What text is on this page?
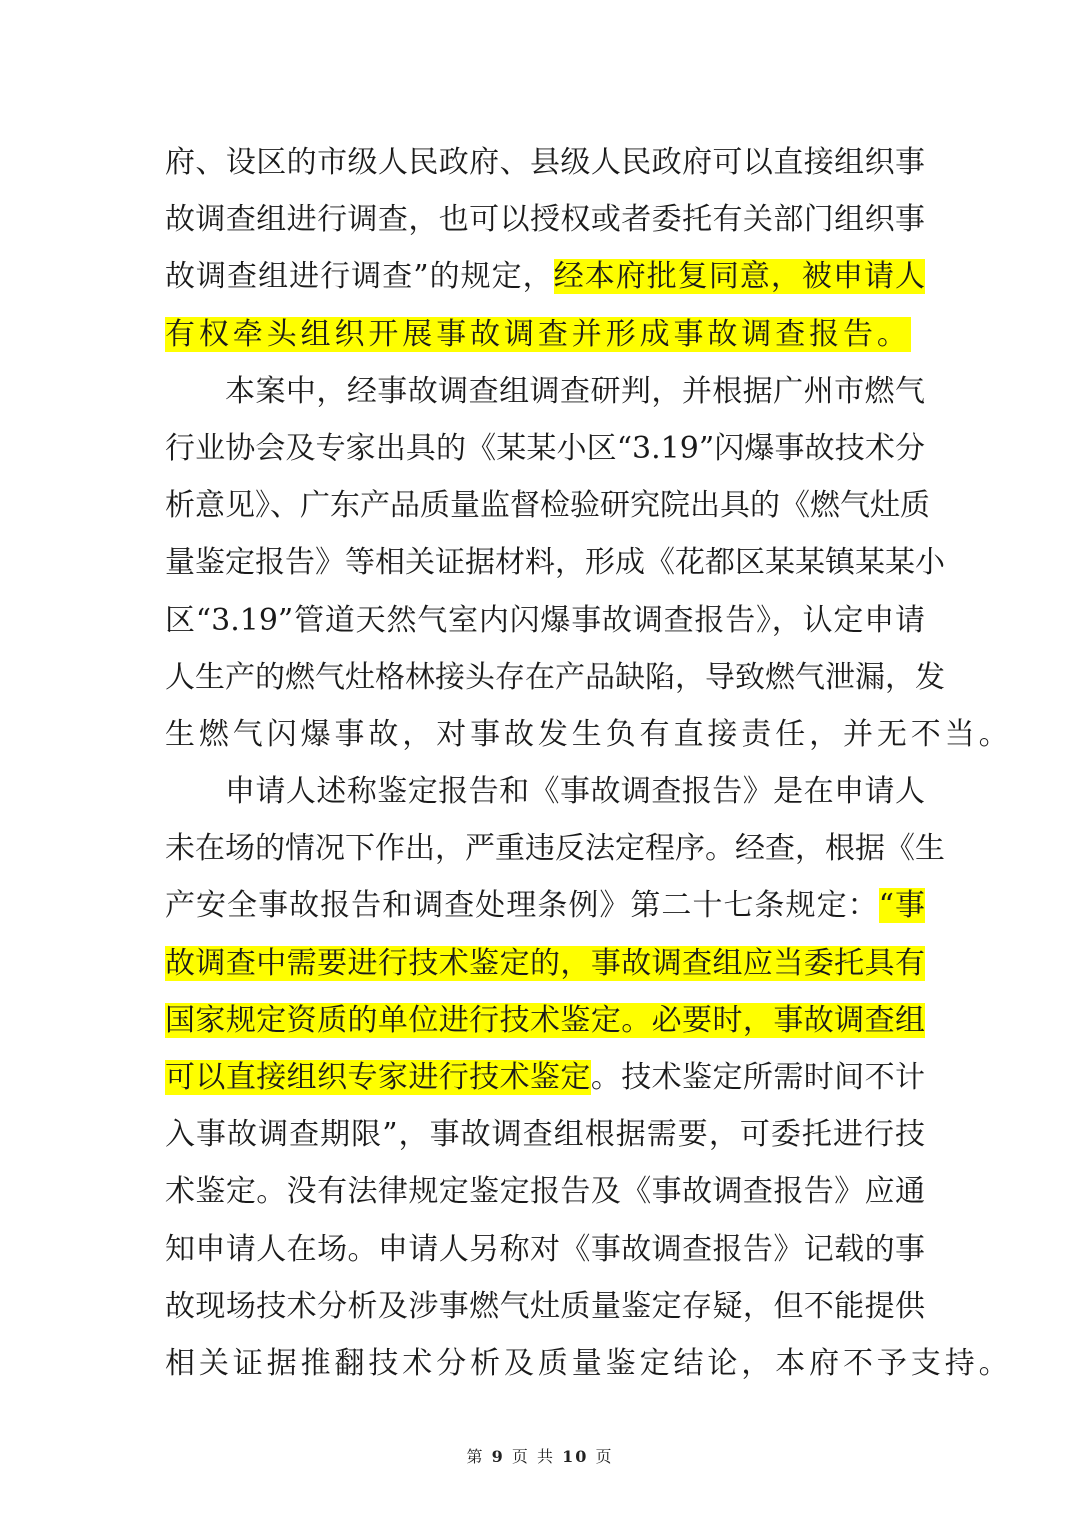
府、设区的市级人民政府、县级人民政府可以直接组织事
故调查组进行调查，也可以授权或者委托有关部门组织事
故调查组进行调查”的规定，经本府批复同意，被申请人
有权牵头组织开展事故调查并形成事故调查报告。
本案中，经事故调查组调查研判，并根据广州市燃气
行业协会及专家出具的《某某小区“3.19”闪爆事故技术分
析意见》、广东产品质量监督检验研究院出具的《燃气灶质
量鉴定报告》等相关证据材料，形成《花都区某某镇某某小
区“3.19”管道天然气室内闪爆事故调查报告》，认定申请
人生产的燃气灶格林接头存在产品缺陷，导致燃气泄漏，发
生燃气闪爆事故，对事故发生负有直接责任，并无不当。
申请人述称鉴定报告和《事故调查报告》是在申请人
未在场的情况下作出，严重违反法定程序。经查，根据《生
产安全事故报告和调查处理条例》第二十七条规定：“事
故调查中需要进行技术鉴定的，事故调查组应当委托具有
国家规定资质的单位进行技术鉴定。必要时，事故调查组
可以直接组织专家进行技术鉴定。技术鉴定所需时间不计
入事故调查期限”，事故调查组根据需要，可委托进行技
术鉴定。没有法律规定鉴定报告及《事故调查报告》应通
知申请人在场。申请人另称对《事故调查报告》记载的事
故现场技术分析及涉事燃气灶质量鉴定存疑，但不能提供
相关证据推翻技术分析及质量鉴定结论，本府不予支持。
第 9 页 共 10 页
